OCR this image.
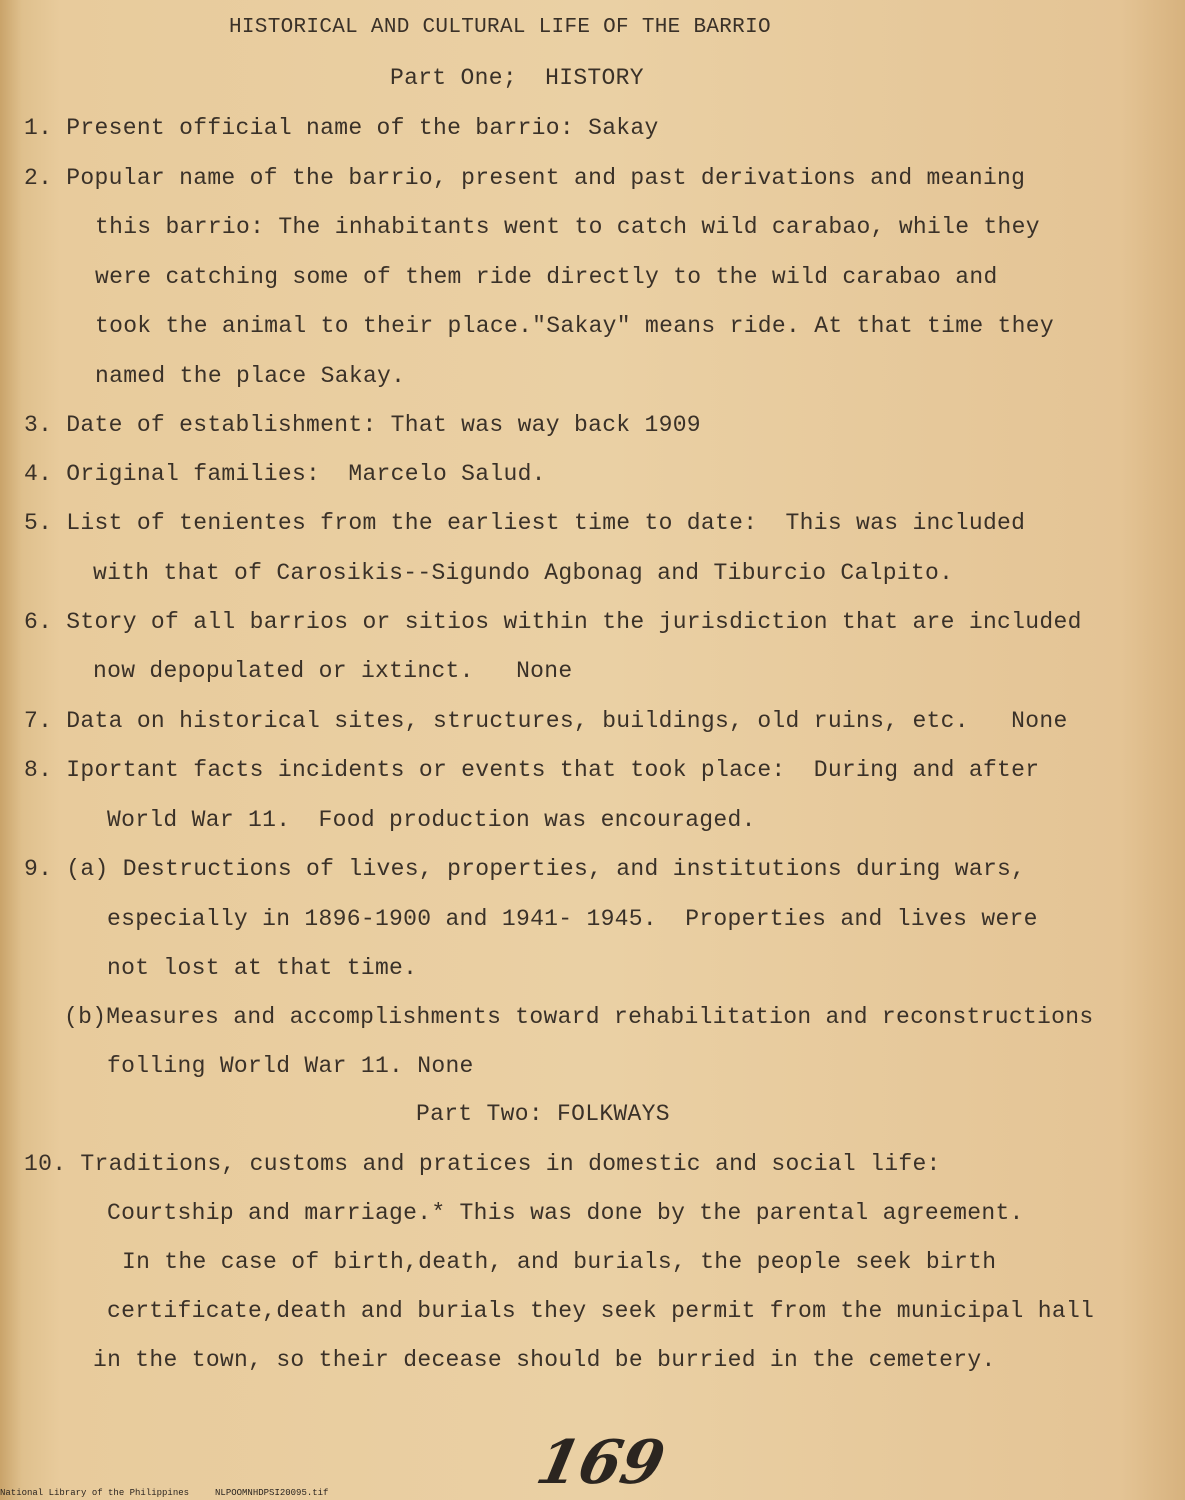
HISTORICAL AND CULTURAL LIFE OF THE BARRIO
Part One;  HISTORY
1. Present official name of the barrio: Sakay
2. Popular name of the barrio, present and past derivations and meaning
this barrio: The inhabitants went to catch wild carabao, while they
were catching some of them ride directly to the wild carabao and
took the animal to their place."Sakay" means ride. At that time they
named the place Sakay.
3. Date of establishment: That was way back 1909
4. Original families:  Marcelo Salud.
5. List of tenientes from the earliest time to date:  This was included
with that of Carosikis--Sigundo Agbonag and Tiburcio Calpito.
6. Story of all barrios or sitios within the jurisdiction that are included
now depopulated or ixtinct.   None
7. Data on historical sites, structures, buildings, old ruins, etc.   None
8. Iportant facts incidents or events that took place:  During and after
World War 11.  Food production was encouraged.
9. (a) Destructions of lives, properties, and institutions during wars,
especially in 1896-1900 and 1941- 1945.  Properties and lives were
not lost at that time.
(b)Measures and accomplishments toward rehabilitation and reconstructions
folling World War 11. None
Part Two: FOLKWAYS
10. Traditions, customs and pratices in domestic and social life:
Courtship and marriage.* This was done by the parental agreement.
In the case of birth,death, and burials, the people seek birth
certificate,death and burials they seek permit from the municipal hall
in the town, so their decease should be burried in the cemetery.
169
National Library of the Philippines	NLPOOMNHDPSI20095.tif
